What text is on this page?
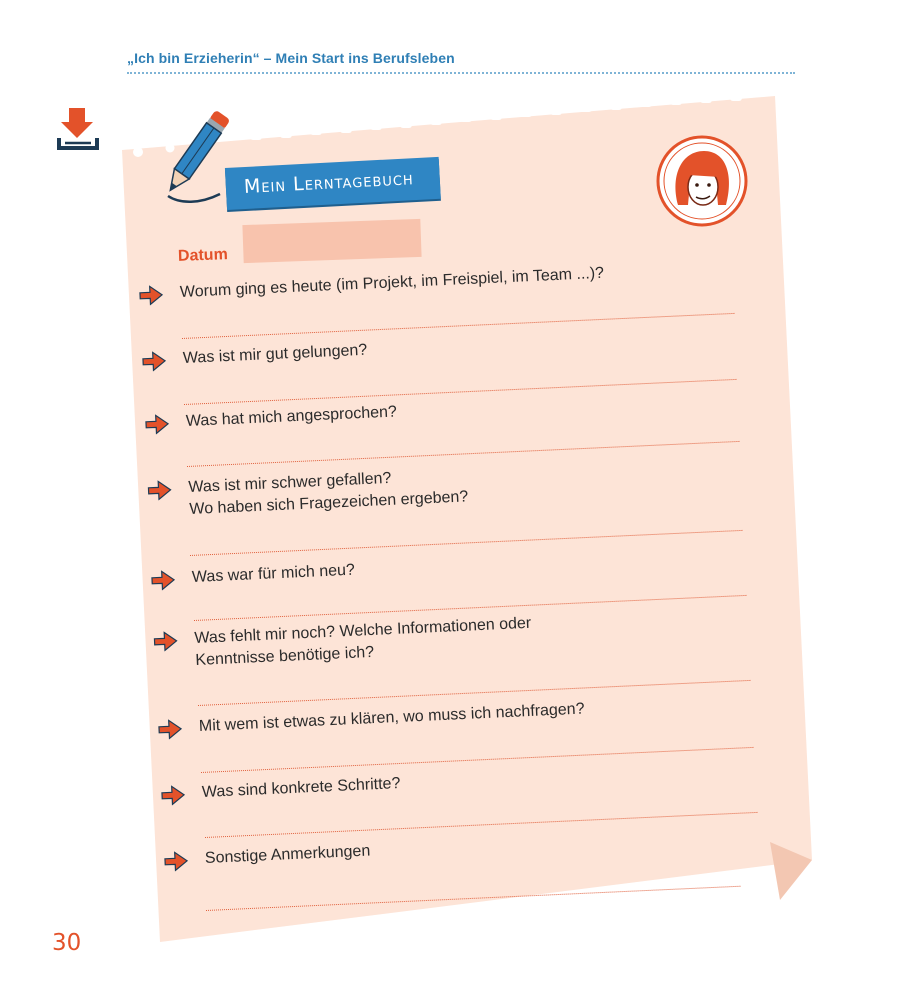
„Ich bin Erzieherin“ – Mein Start ins Berufsleben
Mein Lerntagebuch
Datum
Worum ging es heute (im Projekt, im Freispiel, im Team ...)?
Was ist mir gut gelungen?
Was hat mich angesprochen?
Was ist mir schwer gefallen?
Wo haben sich Fragezeichen ergeben?
Was war für mich neu?
Was fehlt mir noch? Welche Informationen oder
Kenntnisse benötige ich?
Mit wem ist etwas zu klären, wo muss ich nachfragen?
Was sind konkrete Schritte?
Sonstige Anmerkungen
30
